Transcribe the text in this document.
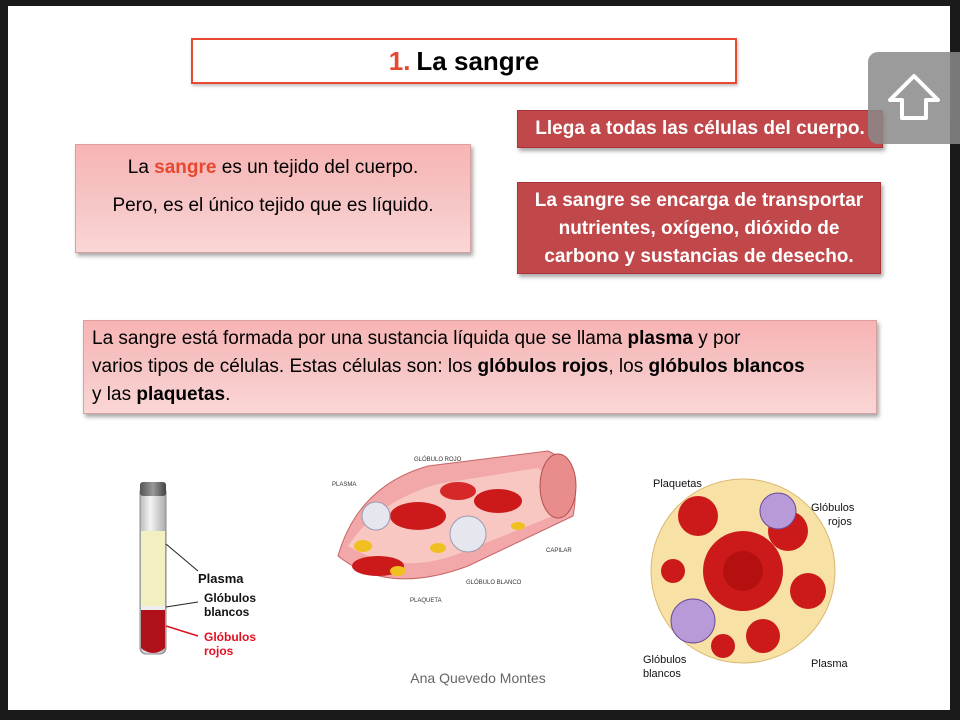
1. La sangre

La sangre es un tejido del cuerpo.

Pero, es el único tejido que es líquido.

Llega a todas las células del cuerpo.
La sangre se encarga de transportar
nutrientes, oxígeno, dióxido de
carbono y sustancias de desecho.
La sangre está formada por una sustancia líquida que se llama plasma y por
varios tipos de células. Estas células son: los glóbulos rojos, los glóbulos blancos
y las plaquetas.
Plasma
Glóbulos
blancos
Glóbulos
rojos
GLÓBULO ROJO
PLASMA
CAPILAR
GLÓBULO BLANCO
PLAQUETA
Plaquetas
Glóbulos
rojos
Glóbulos
blancos
Plasma
Ana Quevedo Montes
